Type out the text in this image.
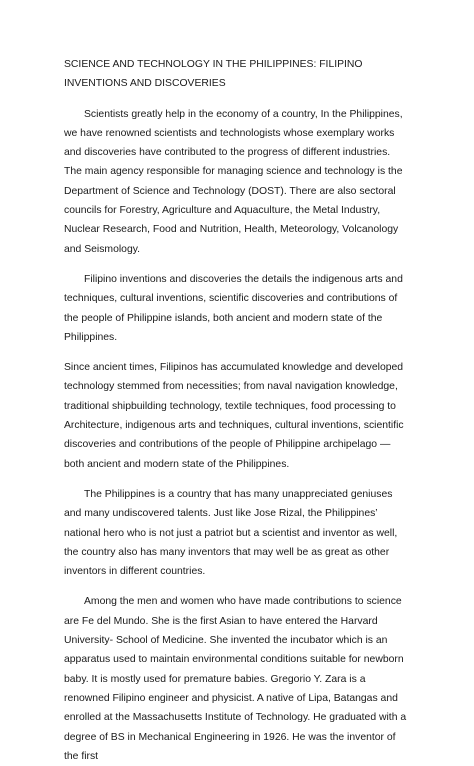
SCIENCE AND TECHNOLOGY IN THE PHILIPPINES: FILIPINO INVENTIONS AND DISCOVERIES

Scientists greatly help in the economy of a country, In the Philippines, we have renowned scientists and technologists whose exemplary works and discoveries have contributed to the progress of different industries. The main agency responsible for managing science and technology is the Department of Science and Technology (DOST). There are also sectoral councils for Forestry, Agriculture and Aquaculture, the Metal Industry, Nuclear Research, Food and Nutrition, Health, Meteorology, Volcanology and Seismology.

Filipino inventions and discoveries the details the indigenous arts and techniques, cultural inventions, scientific discoveries and contributions of the people of Philippine islands, both ancient and modern state of the Philippines.

Since ancient times, Filipinos has accumulated knowledge and developed technology stemmed from necessities; from naval navigation knowledge, traditional shipbuilding technology, textile techniques, food processing to Architecture, indigenous arts and techniques, cultural inventions, scientific discoveries and contributions of the people of Philippine archipelago — both ancient and modern state of the Philippines.

The Philippines is a country that has many unappreciated geniuses and many undiscovered talents. Just like Jose Rizal, the Philippines’ national hero who is not just a patriot but a scientist and inventor as well, the country also has many inventors that may well be as great as other inventors in different countries.

Among the men and women who have made contributions to science are Fe del Mundo. She is the first Asian to have entered the Harvard University- School of Medicine. She invented the incubator which is an apparatus used to maintain environmental conditions suitable for newborn baby. It is mostly used for premature babies. Gregorio Y. Zara is a renowned Filipino engineer and physicist. A native of Lipa, Batangas and enrolled at the Massachusetts Institute of Technology. He graduated with a degree of BS in Mechanical Engineering in 1926. He was the inventor of the first
